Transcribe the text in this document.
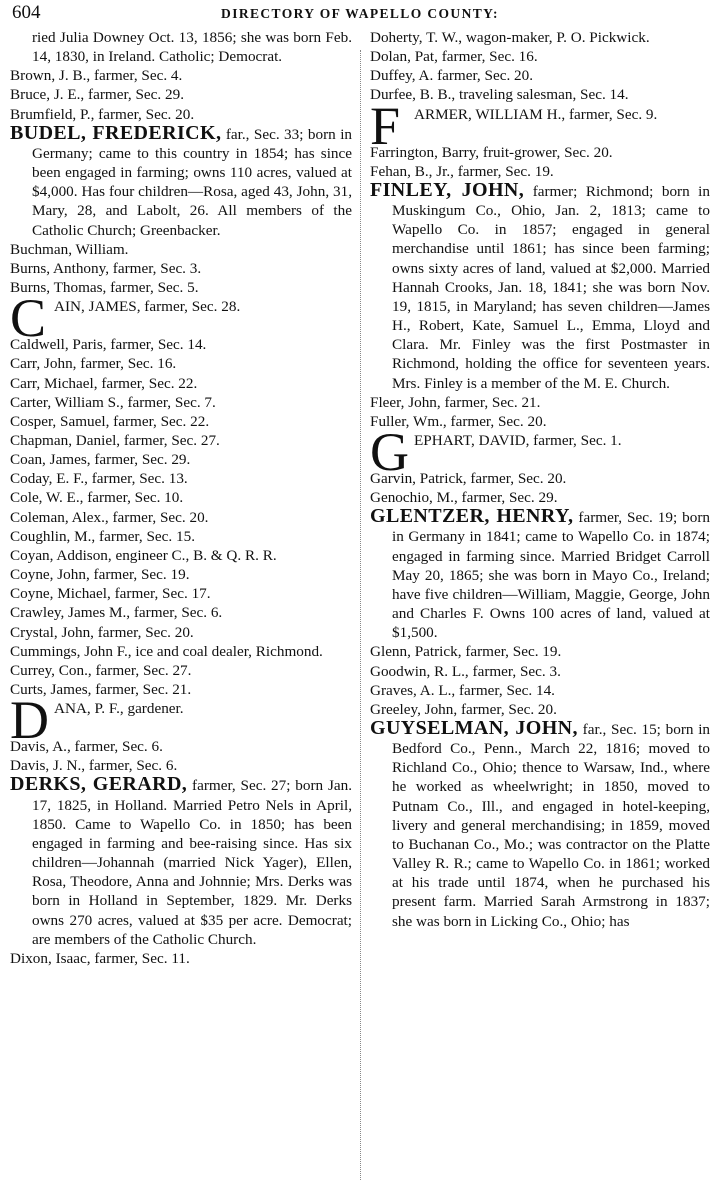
604	DIRECTORY OF WAPELLO COUNTY:
ried Julia Downey Oct. 13, 1856; she was born Feb. 14, 1830, in Ireland. Catholic; Democrat.
Brown, J. B., farmer, Sec. 4.
Bruce, J. E., farmer, Sec. 29.
Brumfield, P., farmer, Sec. 20.
BUDEL, FREDERICK, far., Sec. 33; born in Germany; came to this country in 1854; has since been engaged in farming; owns 110 acres, valued at $4,000. Has four children—Rosa, aged 43, John, 31, Mary, 28, and Labolt, 26. All members of the Catholic Church; Greenbacker.
Buchman, William.
Burns, Anthony, farmer, Sec. 3.
Burns, Thomas, farmer, Sec. 5.
C AIN, JAMES, farmer, Sec. 28.
Caldwell, Paris, farmer, Sec. 14.
Carr, John, farmer, Sec. 16.
Carr, Michael, farmer, Sec. 22.
Carter, William S., farmer, Sec. 7.
Cosper, Samuel, farmer, Sec. 22.
Chapman, Daniel, farmer, Sec. 27.
Coan, James, farmer, Sec. 29.
Coday, E. F., farmer, Sec. 13.
Cole, W. E., farmer, Sec. 10.
Coleman, Alex., farmer, Sec. 20.
Coughlin, M., farmer, Sec. 15.
Coyan, Addison, engineer C., B. & Q. R. R.
Coyne, John, farmer, Sec. 19.
Coyne, Michael, farmer, Sec. 17.
Crawley, James M., farmer, Sec. 6.
Crystal, John, farmer, Sec. 20.
Cummings, John F., ice and coal dealer, Richmond.
Currey, Con., farmer, Sec. 27.
Curts, James, farmer, Sec. 21.
D ANA, P. F., gardener.
Davis, A., farmer, Sec. 6.
Davis, J. N., farmer, Sec. 6.
DERKS, GERARD, farmer, Sec. 27; born Jan. 17, 1825, in Holland. Married Petro Nels in April, 1850. Came to Wapello Co. in 1850; has been engaged in farming and bee-raising since. Has six children—Johannah (married Nick Yager), Ellen, Rosa, Theodore, Anna and Johnnie; Mrs. Derks was born in Holland in September, 1829. Mr. Derks owns 270 acres, valued at $35 per acre. Democrat; are members of the Catholic Church.
Dixon, Isaac, farmer, Sec. 11.
Doherty, T. W., wagon-maker, P. O. Pickwick.
Dolan, Pat, farmer, Sec. 16.
Duffey, A. farmer, Sec. 20.
Durfee, B. B., traveling salesman, Sec. 14.
F ARMER, WILLIAM H., farmer, Sec. 9.
Farrington, Barry, fruit-grower, Sec. 20.
Fehan, B., Jr., farmer, Sec. 19.
FINLEY, JOHN, farmer; Richmond; born in Muskingum Co., Ohio, Jan. 2, 1813; came to Wapello Co. in 1857; engaged in general merchandise until 1861; has since been farming; owns sixty acres of land, valued at $2,000. Married Hannah Crooks, Jan. 18, 1841; she was born Nov. 19, 1815, in Maryland; has seven children—James H., Robert, Kate, Samuel L., Emma, Lloyd and Clara. Mr. Finley was the first Postmaster in Richmond, holding the office for seventeen years. Mrs. Finley is a member of the M. E. Church.
Fleer, John, farmer, Sec. 21.
Fuller, Wm., farmer, Sec. 20.
G EPHART, DAVID, farmer, Sec. 1.
Garvin, Patrick, farmer, Sec. 20.
Genochio, M., farmer, Sec. 29.
GLENTZER, HENRY, farmer, Sec. 19; born in Germany in 1841; came to Wapello Co. in 1874; engaged in farming since. Married Bridget Carroll May 20, 1865; she was born in Mayo Co., Ireland; have five children—William, Maggie, George, John and Charles F. Owns 100 acres of land, valued at $1,500.
Glenn, Patrick, farmer, Sec. 19.
Goodwin, R. L., farmer, Sec. 3.
Graves, A. L., farmer, Sec. 14.
Greeley, John, farmer, Sec. 20.
GUYSELMAN, JOHN, far., Sec. 15; born in Bedford Co., Penn., March 22, 1816; moved to Richland Co., Ohio; thence to Warsaw, Ind., where he worked as wheelwright; in 1850, moved to Putnam Co., Ill., and engaged in hotel-keeping, livery and general merchandising; in 1859, moved to Buchanan Co., Mo.; was contractor on the Platte Valley R. R.; came to Wapello Co. in 1861; worked at his trade until 1874, when he purchased his present farm. Married Sarah Armstrong in 1837; she was born in Licking Co., Ohio; has
